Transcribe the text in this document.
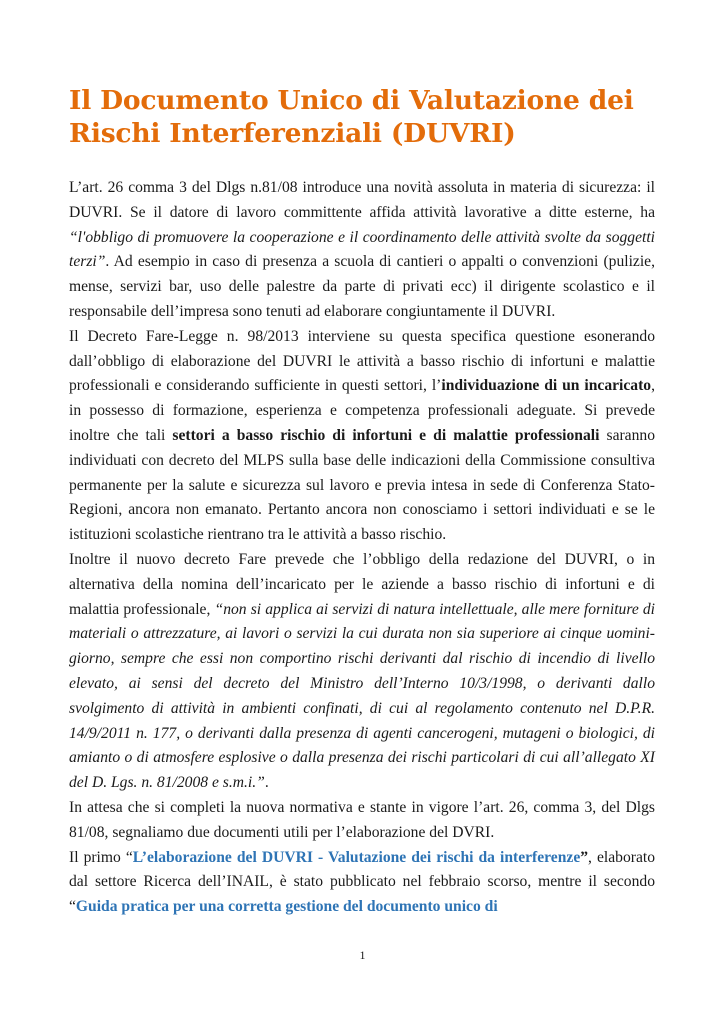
Il Documento Unico di Valutazione dei Rischi Interferenziali (DUVRI)

L’art. 26 comma 3 del Dlgs n.81/08 introduce una novità assoluta in materia di sicurezza: il DUVRI. Se il datore di lavoro committente affida attività lavorative a ditte esterne, ha “l'obbligo di promuovere la cooperazione e il coordinamento delle attività svolte da soggetti terzi”. Ad esempio in caso di presenza a scuola di cantieri o appalti o convenzioni (pulizie, mense, servizi bar, uso delle palestre da parte di privati ecc) il dirigente scolastico e il responsabile dell’impresa sono tenuti ad elaborare congiuntamente il DUVRI.

Il Decreto Fare-Legge n. 98/2013 interviene su questa specifica questione esonerando dall’obbligo di elaborazione del DUVRI le attività a basso rischio di infortuni e malattie professionali e considerando sufficiente in questi settori, l’individuazione di un incaricato, in possesso di formazione, esperienza e competenza professionali adeguate. Si prevede inoltre che tali settori a basso rischio di infortuni e di malattie professionali saranno individuati con decreto del MLPS sulla base delle indicazioni della Commissione consultiva permanente per la salute e sicurezza sul lavoro e previa intesa in sede di Conferenza Stato-Regioni, ancora non emanato. Pertanto ancora non conosciamo i settori individuati e se le istituzioni scolastiche rientrano tra le attività a basso rischio.

Inoltre il nuovo decreto Fare prevede che l’obbligo della redazione del DUVRI, o in alternativa della nomina dell’incaricato per le aziende a basso rischio di infortuni e di malattia professionale, “non si applica ai servizi di natura intellettuale, alle mere forniture di materiali o attrezzature, ai lavori o servizi la cui durata non sia superiore ai cinque uomini-giorno, sempre che essi non comportino rischi derivanti dal rischio di incendio di livello elevato, ai sensi del decreto del Ministro dell’Interno 10/3/1998, o derivanti dallo svolgimento di attività in ambienti confinati, di cui al regolamento contenuto nel D.P.R. 14/9/2011 n. 177, o derivanti dalla presenza di agenti cancerogeni, mutageni o biologici, di amianto o di atmosfere esplosive o dalla presenza dei rischi particolari di cui all’allegato XI del D. Lgs. n. 81/2008 e s.m.i.”.

In attesa che si completi la nuova normativa e stante in vigore l’art. 26, comma 3, del Dlgs 81/08, segnaliamo due documenti utili per l’elaborazione del DVRI.

Il primo “L’elaborazione del DUVRI - Valutazione dei rischi da interferenze”, elaborato dal settore Ricerca dell’INAIL, è stato pubblicato nel febbraio scorso, mentre il secondo “Guida pratica per una corretta gestione del documento unico di

1
